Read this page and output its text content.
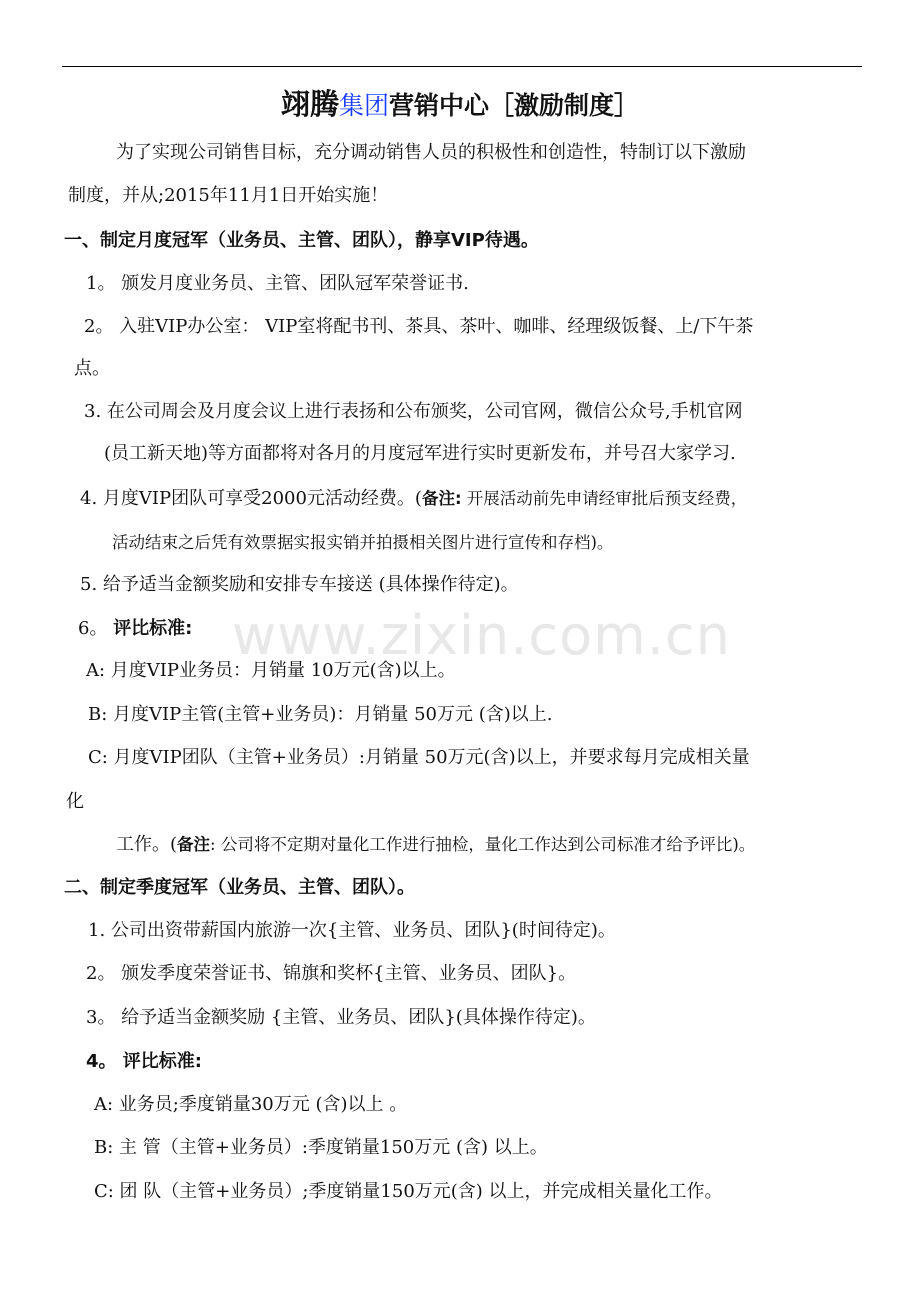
翊腾集团营销中心［激励制度］
为了实现公司销售目标，充分调动销售人员的积极性和创造性，特制订以下激励
制度，并从;2015年11月1日开始实施！
一、制定月度冠军（业务员、主管、团队），静享VIP待遇。
1。 颁发月度业务员、主管、团队冠军荣誉证书.
2。 入驻VIP办公室： VIP室将配书刊、茶具、茶叶、咖啡、经理级饭餐、上/下午茶
点。
3. 在公司周会及月度会议上进行表扬和公布颁奖，公司官网，微信公众号,手机官网
(员工新天地)等方面都将对各月的月度冠军进行实时更新发布，并号召大家学习.
4. 月度VIP团队可享受2000元活动经费。(备注: 开展活动前先申请经审批后预支经费，
活动结束之后凭有效票据实报实销并拍摄相关图片进行宣传和存档)。
5. 给予适当金额奖励和安排专车接送 (具体操作待定)。
6。 评比标准:
A: 月度VIP业务员：月销量 10万元(含)以上。
B: 月度VIP主管(主管+业务员)：月销量 50万元 (含)以上.
C: 月度VIP团队（主管+业务员）:月销量 50万元(含)以上，并要求每月完成相关量
化
工作。(备注: 公司将不定期对量化工作进行抽检，量化工作达到公司标准才给予评比)。
二、制定季度冠军（业务员、主管、团队）。
1. 公司出资带薪国内旅游一次{主管、业务员、团队}(时间待定)。
2。 颁发季度荣誉证书、锦旗和奖杯{主管、业务员、团队}。
3。 给予适当金额奖励 {主管、业务员、团队}(具体操作待定)。
4。 评比标准:
A: 业务员;季度销量30万元 (含)以上 。
B: 主 管（主管+业务员）:季度销量150万元 (含) 以上。
C: 团 队（主管+业务员）;季度销量150万元(含) 以上，并完成相关量化工作。
www.zixin.com.cn
